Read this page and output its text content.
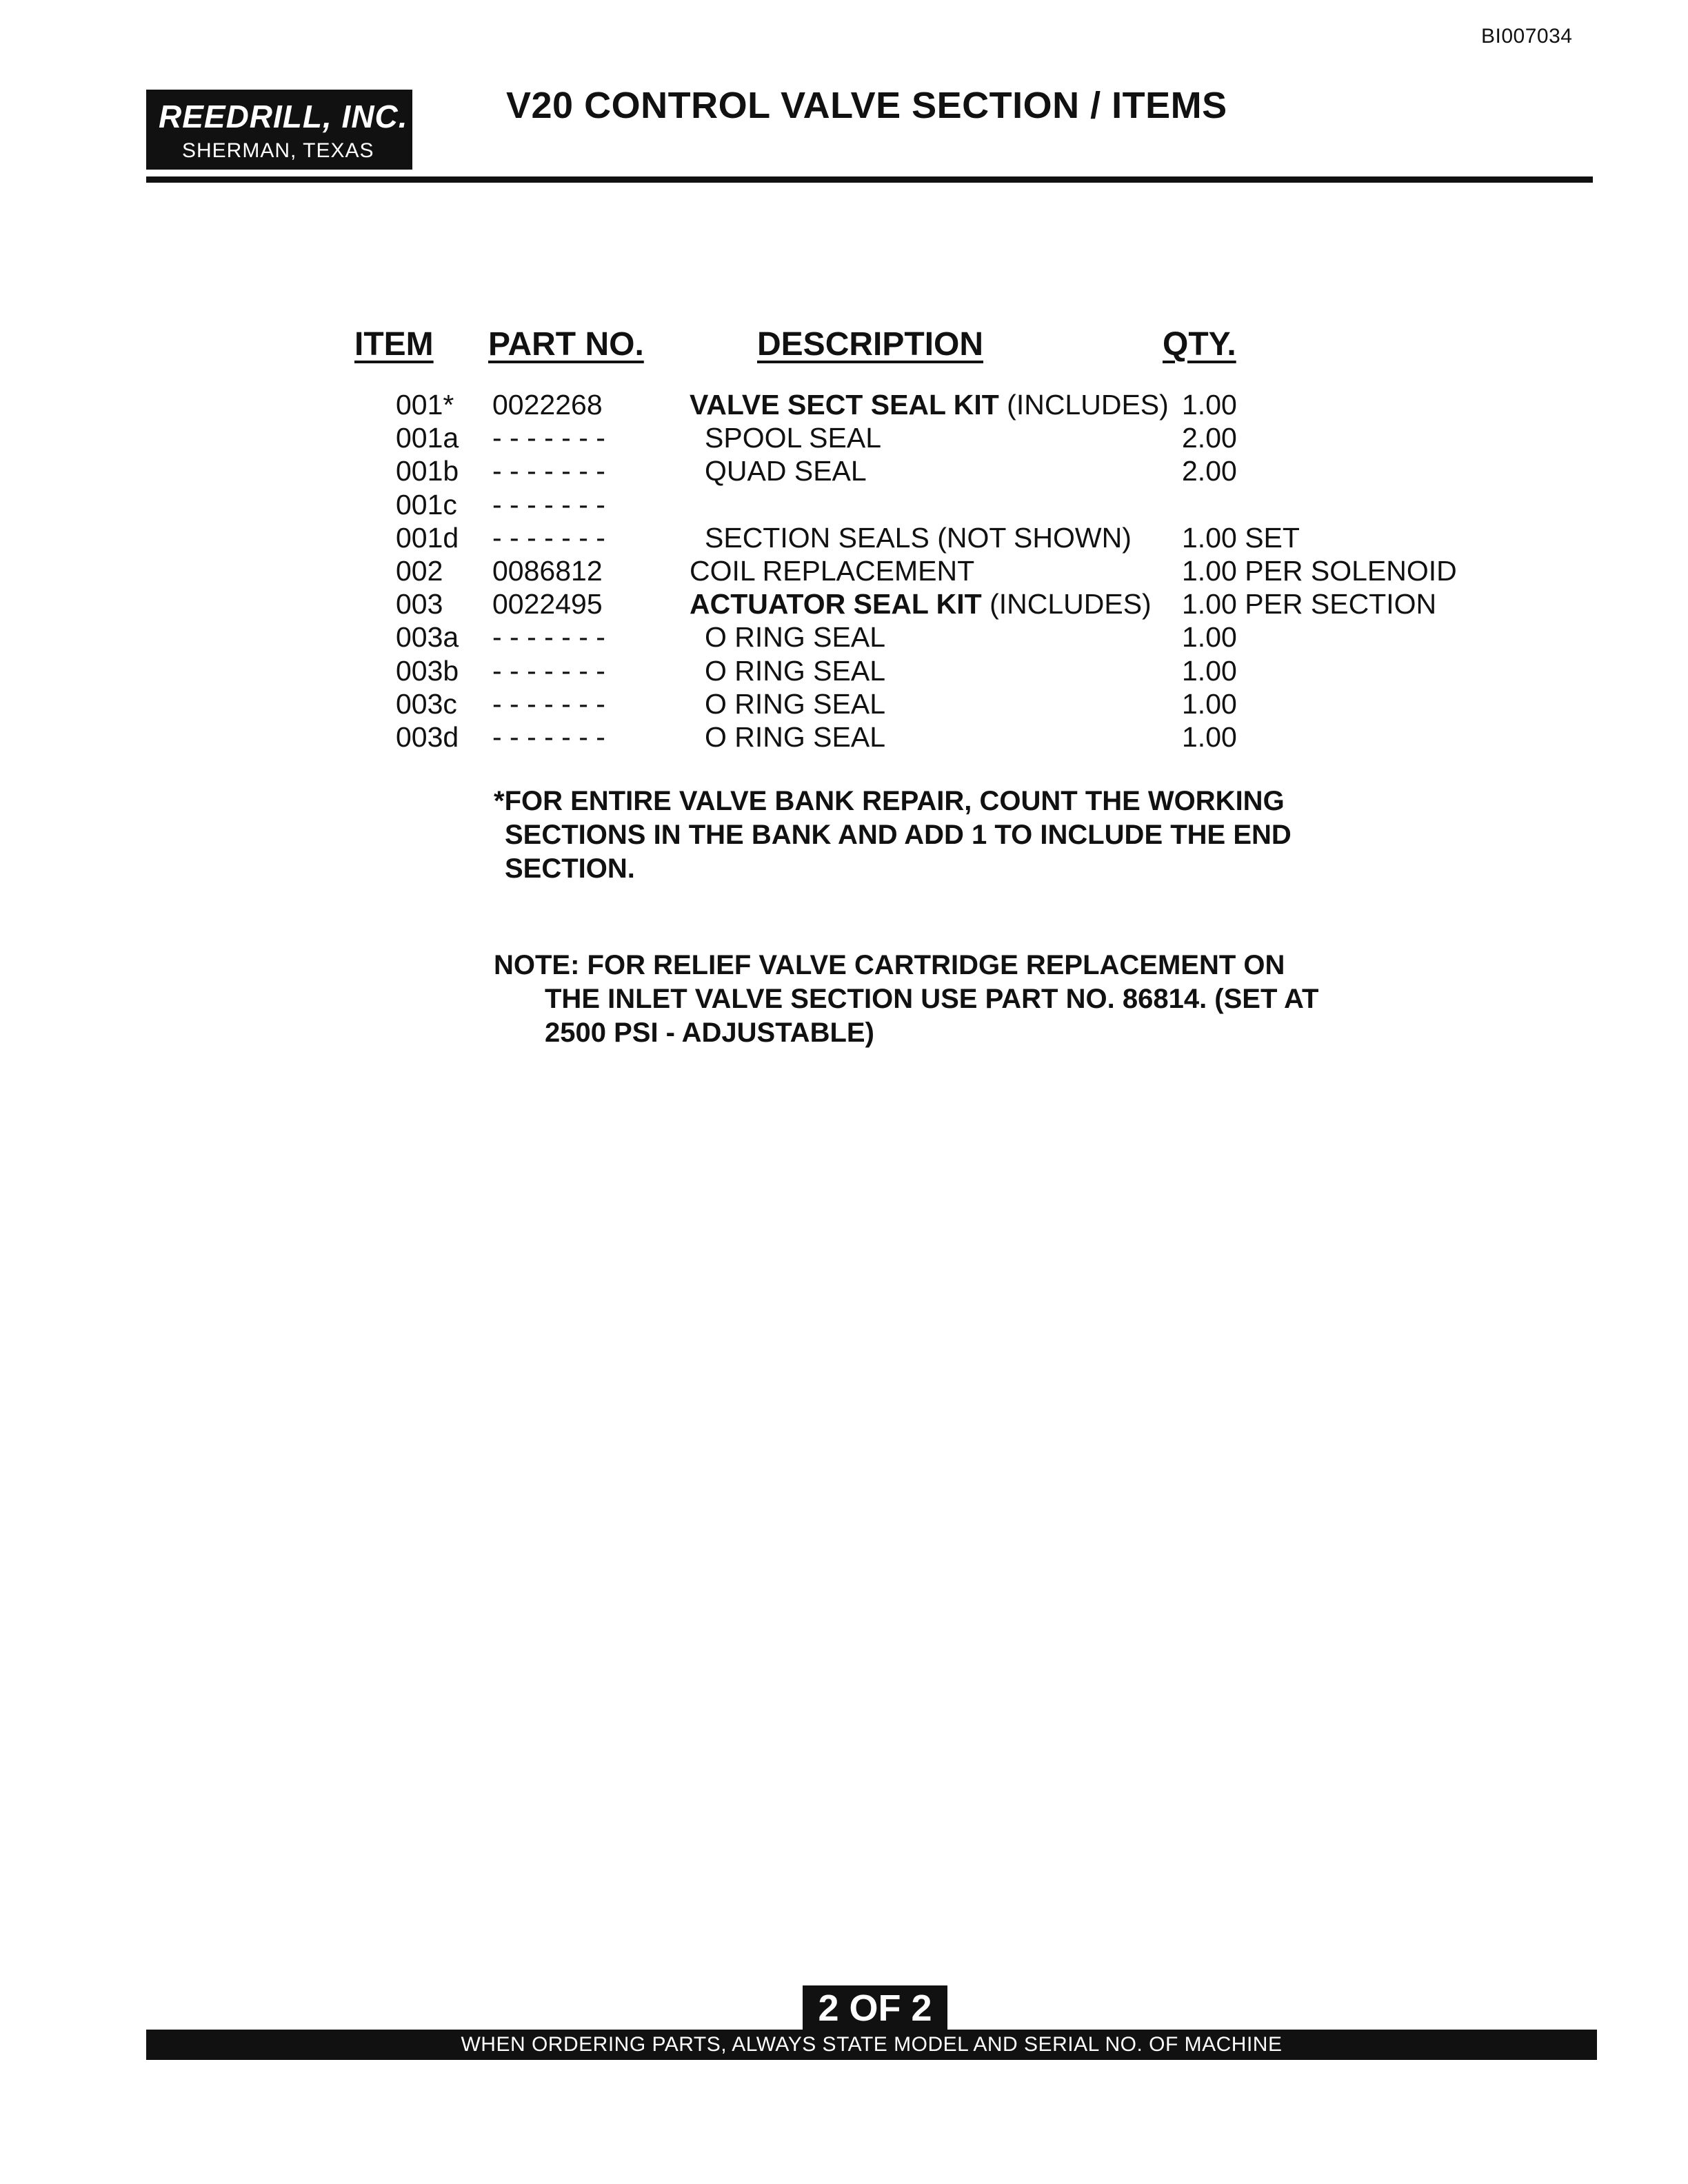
BI007034
REEDRILL, INC.
SHERMAN, TEXAS
V20 CONTROL VALVE SECTION / ITEMS
ITEM PART NO.	DESCRIPTION	QTY.
001* 0022268	VALVE SECT SEAL KIT (INCLUDES) 1.00
001a - - - - - - -	SPOOL SEAL	2.00
001b - - - - - - -	QUAD SEAL	2.00
001c - - - - - - -
001d - - - - - - -	SECTION SEALS (NOT SHOWN) 1.00 SET
002 0086812	COIL REPLACEMENT	1.00 PER SOLENOID
003 0022495	ACTUATOR SEAL KIT (INCLUDES) 1.00 PER SECTION
003a - - - - - - -	O RING SEAL	1.00
003b - - - - - - -	O RING SEAL	1.00
003c - - - - - - -	O RING SEAL	1.00
003d - - - - - - -	O RING SEAL	1.00
*FOR ENTIRE VALVE BANK REPAIR, COUNT THE WORKING
SECTIONS IN THE BANK AND ADD 1 TO INCLUDE THE END
SECTION.
NOTE: FOR RELIEF VALVE CARTRIDGE REPLACEMENT ON
THE INLET VALVE SECTION USE PART NO. 86814. (SET AT
2500 PSI - ADJUSTABLE)
2 OF 2
WHEN ORDERING PARTS, ALWAYS STATE MODEL AND SERIAL NO. OF MACHINE
